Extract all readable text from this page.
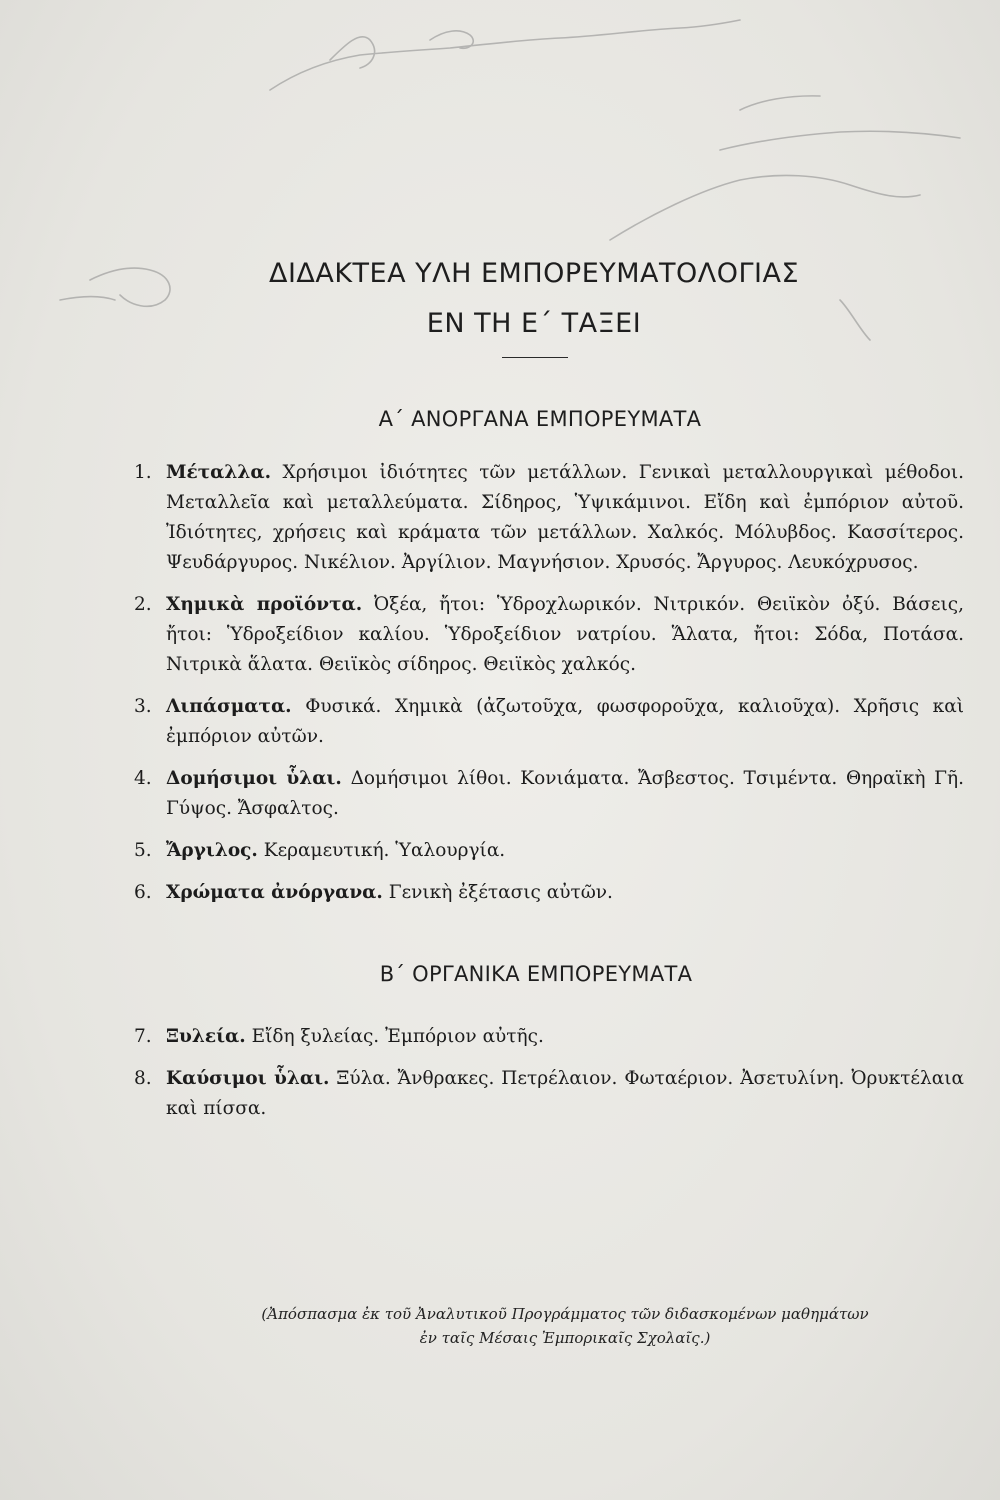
ΔΙΔΑΚΤΕΑ ΥΛΗ ΕΜΠΟΡΕΥΜΑΤΟΛΟΓΙΑΣ
ΕΝ ΤΗ Ε΄ ΤΑΞΕΙ
Α΄ ΑΝΟΡΓΑΝΑ ΕΜΠΟΡΕΥΜΑΤΑ
1. Μέταλλα. Χρήσιμοι ἰδιότητες τῶν μετάλλων. Γενικαὶ μεταλλουργικαὶ μέθοδοι. Μεταλλεῖα καὶ μεταλλεύματα. Σίδηρος, Ὑψικάμινοι. Εἴδη καὶ ἐμπόριον αὐτοῦ. Ἰδιότητες, χρήσεις καὶ κράματα τῶν μετάλλων. Χαλκός. Μόλυβδος. Κασσίτερος. Ψευδάργυρος. Νικέλιον. Ἀργίλιον. Μαγνήσιον. Χρυσός. Ἄργυρος. Λευκόχρυσος.
2. Χημικὰ προϊόντα. Ὀξέα, ἤτοι: Ὑδροχλωρικόν. Νιτρικόν. Θειϊκὸν ὀξύ. Βάσεις, ἤτοι: Ὑδροξείδιον καλίου. Ὑδροξείδιον νατρίου. Ἅλατα, ἤτοι: Σόδα, Ποτάσα. Νιτρικὰ ἅλατα. Θειϊκὸς σίδηρος. Θειϊκὸς χαλκός.
3. Λιπάσματα. Φυσικά. Χημικὰ (ἀζωτοῦχα, φωσφοροῦχα, καλιοῦχα). Χρῆσις καὶ ἐμπόριον αὐτῶν.
4. Δομήσιμοι ὗλαι. Δομήσιμοι λίθοι. Κονιάματα. Ἄσβεστος. Τσιμέντα. Θηραϊκὴ Γῆ. Γύψος. Ἄσφαλτος.
5. Ἄργιλος. Κεραμευτική. Ὑαλουργία.
6. Χρώματα ἀνόργανα. Γενικὴ ἐξέτασις αὐτῶν.
Β΄ ΟΡΓΑΝΙΚΑ ΕΜΠΟΡΕΥΜΑΤΑ
7. Ξυλεία. Εἴδη ξυλείας. Ἐμπόριον αὐτῆς.
8. Καύσιμοι ὗλαι. Ξύλα. Ἄνθρακες. Πετρέλαιον. Φωταέριον. Ἀσετυλίνη. Ὀρυκτέλαια καὶ πίσσα.
(Ἀπόσπασμα ἐκ τοῦ Ἀναλυτικοῦ Προγράμματος τῶν διδασκομένων μαθημάτων
ἐν ταῖς Μέσαις Ἐμπορικαῖς Σχολαῖς.)
